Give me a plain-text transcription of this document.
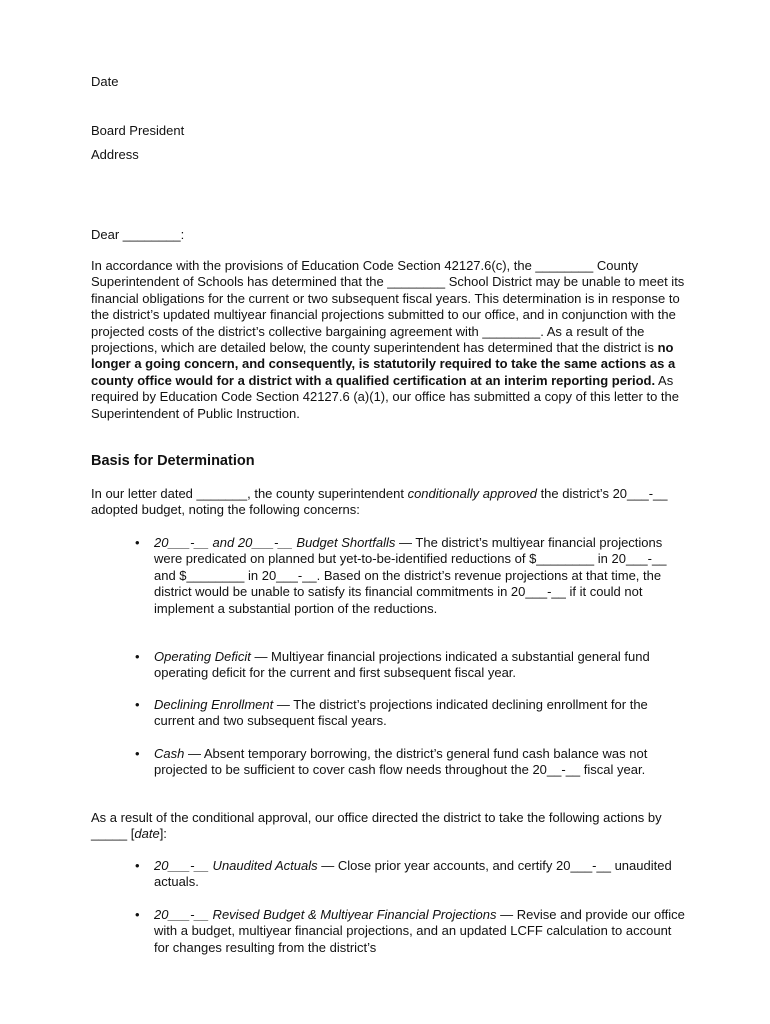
Date
Board President
Address
Dear ________:

In accordance with the provisions of Education Code Section 42127.6(c), the ________ County Superintendent of Schools has determined that the ________ School District may be unable to meet its financial obligations for the current or two subsequent fiscal years. This determination is in response to the district’s updated multiyear financial projections submitted to our office, and in conjunction with the projected costs of the district’s collective bargaining agreement with ________. As a result of the projections, which are detailed below, the county superintendent has determined that the district is no longer a going concern, and consequently, is statutorily required to take the same actions as a county office would for a district with a qualified certification at an interim reporting period. As required by Education Code Section 42127.6 (a)(1), our office has submitted a copy of this letter to the Superintendent of Public Instruction.

Basis for Determination

In our letter dated _______, the county superintendent conditionally approved the district’s 20___-__ adopted budget, noting the following concerns:

• 20___-__ and 20___-__ Budget Shortfalls — The district’s multiyear financial projections were predicated on planned but yet-to-be-identified reductions of $________ in 20___-__ and $________ in 20___-__. Based on the district’s revenue projections at that time, the district would be unable to satisfy its financial commitments in 20___-__ if it could not implement a substantial portion of the reductions.
• Operating Deficit — Multiyear financial projections indicated a substantial general fund operating deficit for the current and first subsequent fiscal year.
• Declining Enrollment — The district’s projections indicated declining enrollment for the current and two subsequent fiscal years.
• Cash — Absent temporary borrowing, the district’s general fund cash balance was not projected to be sufficient to cover cash flow needs throughout the 20__-__ fiscal year.

As a result of the conditional approval, our office directed the district to take the following actions by _____ [date]:

• 20___-__ Unaudited Actuals — Close prior year accounts, and certify 20___-__ unaudited actuals.
• 20___-__ Revised Budget & Multiyear Financial Projections — Revise and provide our office with a budget, multiyear financial projections, and an updated LCFF calculation to account for changes resulting from the district’s
